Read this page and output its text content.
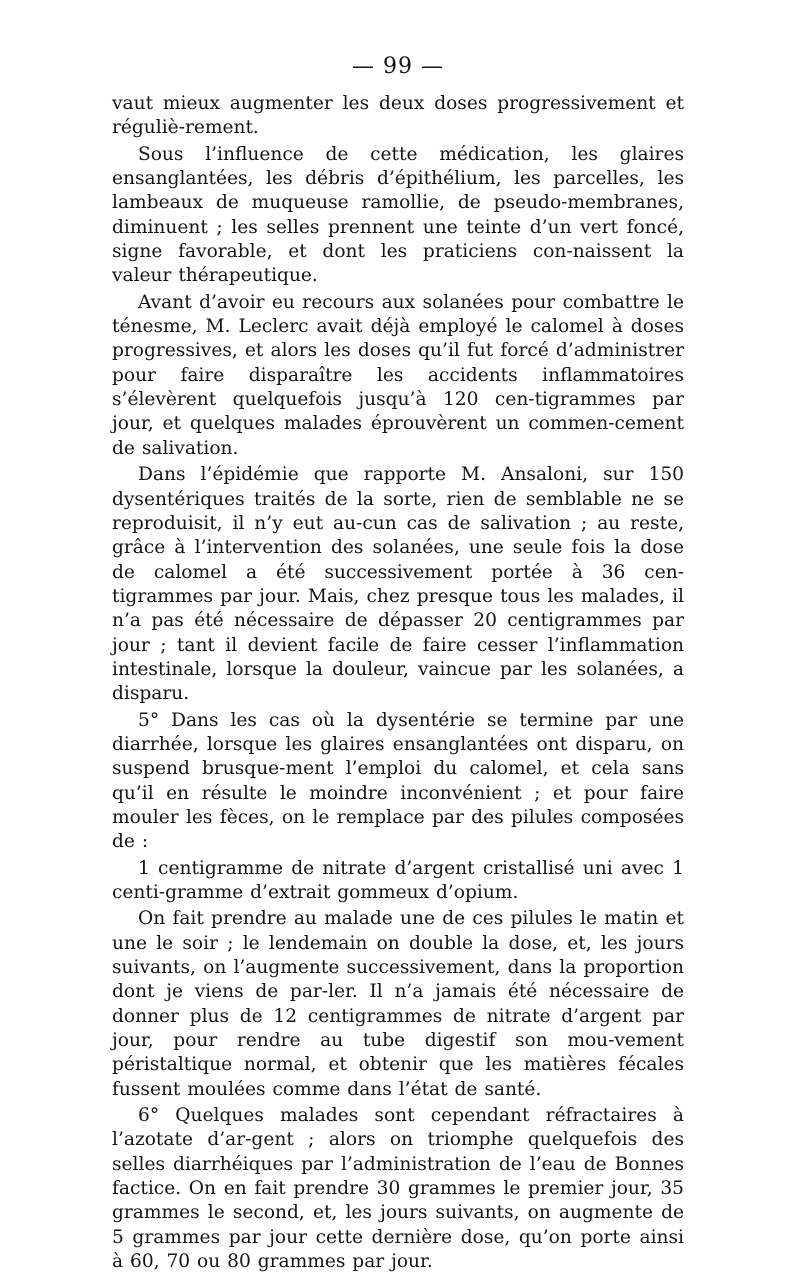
— 99 —

vaut mieux augmenter les deux doses progressivement et réguliè-rement.

Sous l’influence de cette médication, les glaires ensanglantées, les débris d’épithélium, les parcelles, les lambeaux de muqueuse ramollie, de pseudo-membranes, diminuent ; les selles prennent une teinte d’un vert foncé, signe favorable, et dont les praticiens con-naissent la valeur thérapeutique.

Avant d’avoir eu recours aux solanées pour combattre le ténesme, M. Leclerc avait déjà employé le calomel à doses progressives, et alors les doses qu’il fut forcé d’administrer pour faire disparaître les accidents inflammatoires s’élevèrent quelquefois jusqu’à 120 cen-tigrammes par jour, et quelques malades éprouvèrent un commen-cement de salivation.

Dans l’épidémie que rapporte M. Ansaloni, sur 150 dysentériques traités de la sorte, rien de semblable ne se reproduisit, il n’y eut au-cun cas de salivation ; au reste, grâce à l’intervention des solanées, une seule fois la dose de calomel a été successivement portée à 36 cen-tigrammes par jour. Mais, chez presque tous les malades, il n’a pas été nécessaire de dépasser 20 centigrammes par jour ; tant il devient facile de faire cesser l’inflammation intestinale, lorsque la douleur, vaincue par les solanées, a disparu.

5° Dans les cas où la dysentérie se termine par une diarrhée, lorsque les glaires ensanglantées ont disparu, on suspend brusque-ment l’emploi du calomel, et cela sans qu’il en résulte le moindre inconvénient ; et pour faire mouler les fèces, on le remplace par des pilules composées de :

1 centigramme de nitrate d’argent cristallisé uni avec 1 centi-gramme d’extrait gommeux d’opium.

On fait prendre au malade une de ces pilules le matin et une le soir ; le lendemain on double la dose, et, les jours suivants, on l’augmente successivement, dans la proportion dont je viens de par-ler. Il n’a jamais été nécessaire de donner plus de 12 centigrammes de nitrate d’argent par jour, pour rendre au tube digestif son mou-vement péristaltique normal, et obtenir que les matières fécales fussent moulées comme dans l’état de santé.

6° Quelques malades sont cependant réfractaires à l’azotate d’ar-gent ; alors on triomphe quelquefois des selles diarrhéiques par l’administration de l’eau de Bonnes factice. On en fait prendre 30 grammes le premier jour, 35 grammes le second, et, les jours suivants, on augmente de 5 grammes par jour cette dernière dose, qu’on porte ainsi à 60, 70 ou 80 grammes par jour.
